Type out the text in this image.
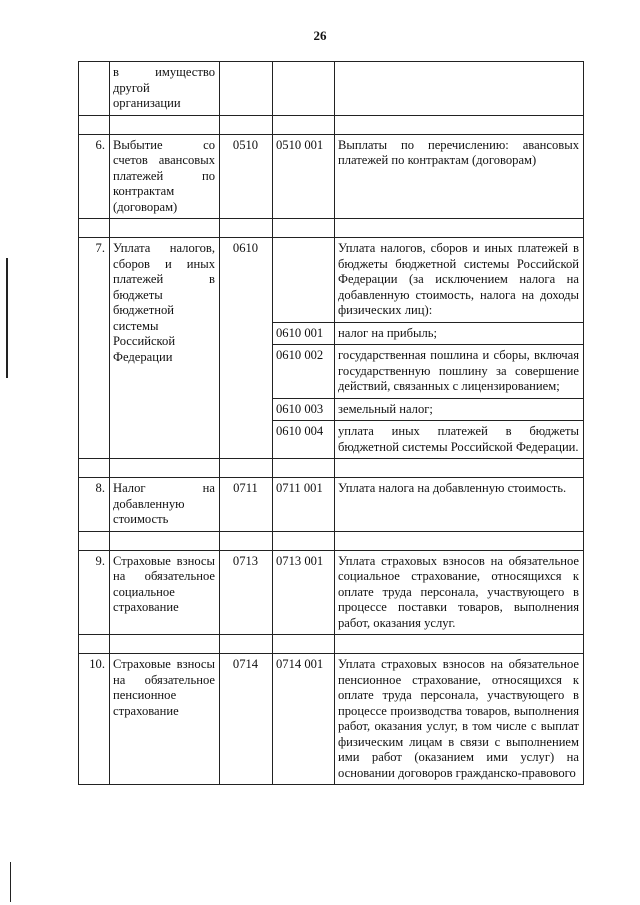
26
	в имущество другой организации			

6.	Выбытие со счетов авансовых платежей по контрактам (договорам)	0510	0510 001	Выплаты по перечислению: авансовых платежей по контрактам (договорам)

7.	Уплата налогов, сборов и иных платежей в бюджеты бюджетной системы Российской Федерации	0610		Уплата налогов, сборов и иных платежей в бюджеты бюджетной системы Российской Федерации (за исключением налога на добавленную стоимость, налога на доходы физических лиц):
			0610 001	налог на прибыль;
			0610 002	государственная пошлина и сборы, включая государственную пошлину за совершение действий, связанных с лицензированием;
			0610 003	земельный налог;
			0610 004	уплата иных платежей в бюджеты бюджетной системы Российской Федерации.

8.	Налог на добавленную стоимость	0711	0711 001	Уплата налога на добавленную стоимость.

9.	Страховые взносы на обязательное социальное страхование	0713	0713 001	Уплата страховых взносов на обязательное социальное страхование, относящихся к оплате труда персонала, участвующего в процессе поставки товаров, выполнения работ, оказания услуг.

10.	Страховые взносы на обязательное пенсионное страхование	0714	0714 001	Уплата страховых взносов на обязательное пенсионное страхование, относящихся к оплате труда персонала, участвующего в процессе производства товаров, выполнения работ, оказания услуг, в том числе с выплат физическим лицам в связи с выполнением ими работ (оказанием ими услуг) на основании договоров гражданско-правового
